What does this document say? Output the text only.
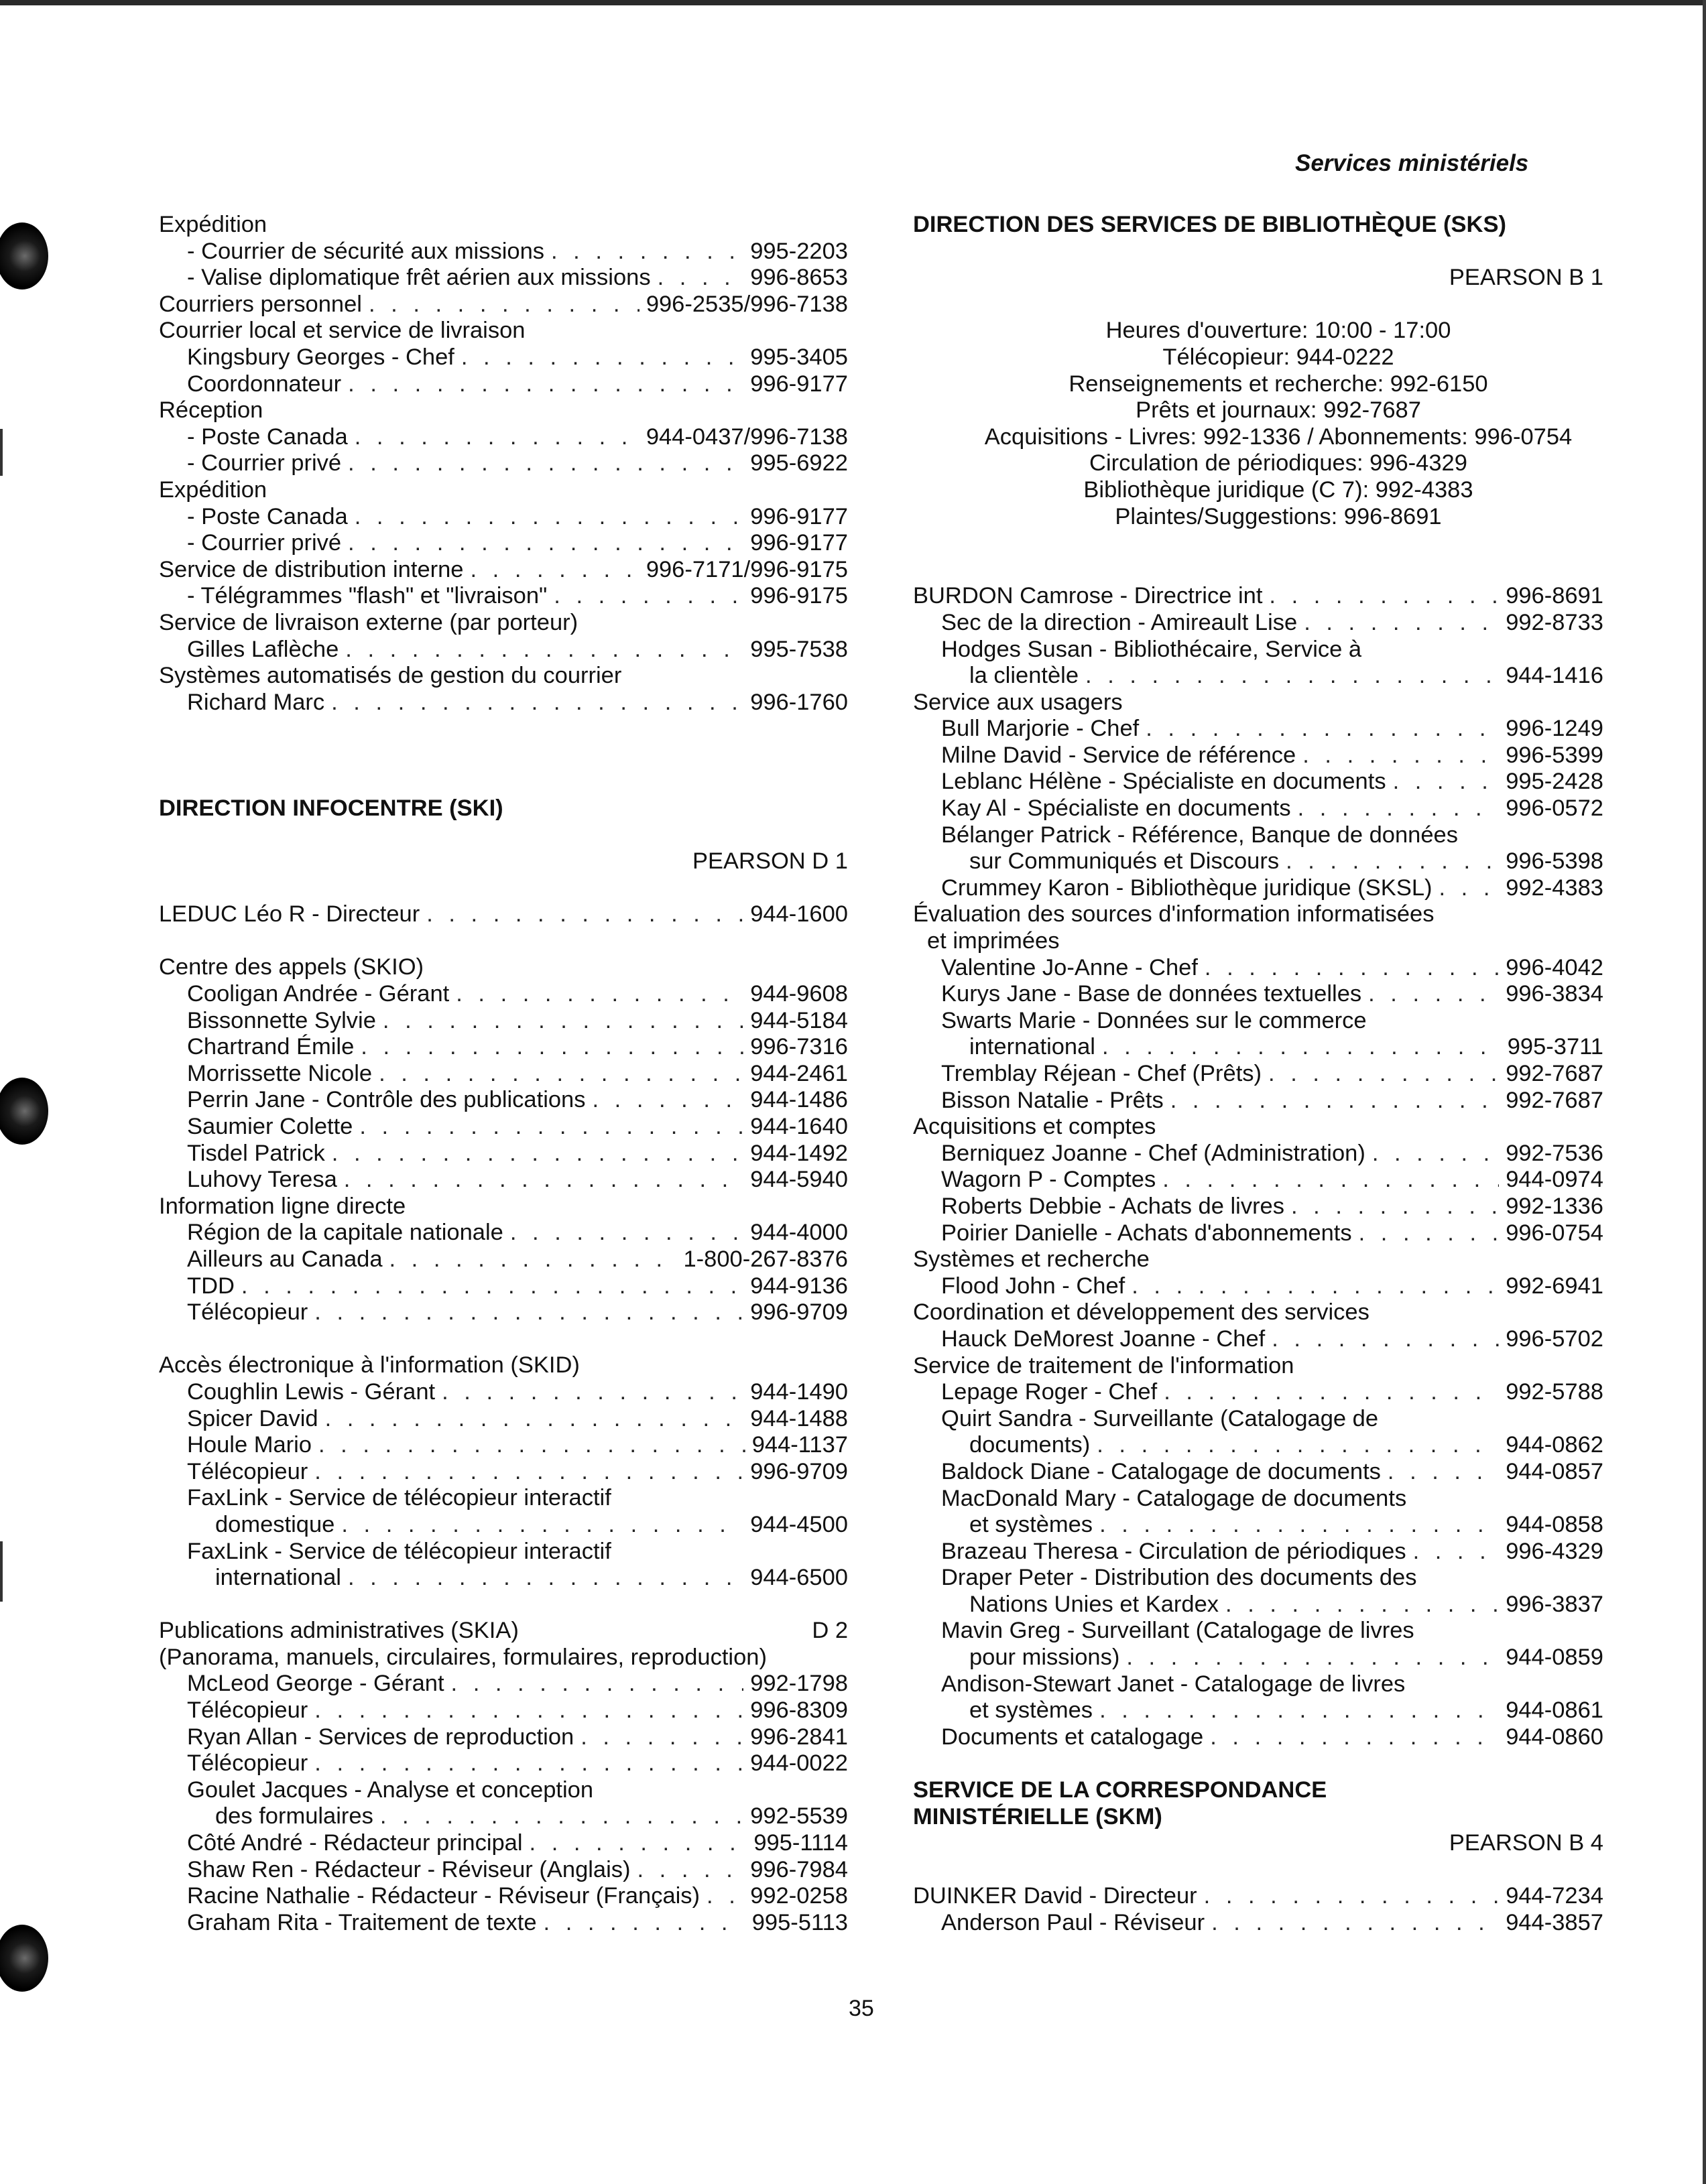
Services ministériels
Expédition
- Courrier de sécurité aux missions . . .	995-2203
- Valise diplomatique frêt aérien aux missions . . .	996-8653
Courriers personnel . . .	996-2535/996-7138
Courrier local et service de livraison
Kingsbury Georges - Chef . . .	995-3405
Coordonnateur . . .	996-9177
Réception
- Poste Canada . . .	944-0437/996-7138
- Courrier privé . . .	995-6922
Expédition
- Poste Canada . . .	996-9177
- Courrier privé . . .	996-9177
Service de distribution interne . . .	996-7171/996-9175
- Télégrammes "flash" et "livraison" . . .	996-9175
Service de livraison externe (par porteur)
Gilles Laflèche . . .	995-7538
Systèmes automatisés de gestion du courrier
Richard Marc . . .	996-1760
DIRECTION INFOCENTRE (SKI)
PEARSON D 1
LEDUC Léo R - Directeur . . .	944-1600
Centre des appels (SKIO)
Cooligan Andrée - Gérant . . .	944-9608
Bissonnette Sylvie . . .	944-5184
Chartrand Émile . . .	996-7316
Morrissette Nicole . . .	944-2461
Perrin Jane - Contrôle des publications . . .	944-1486
Saumier Colette . . .	944-1640
Tisdel Patrick . . .	944-1492
Luhovy Teresa . . .	944-5940
Information ligne directe
Région de la capitale nationale . . .	944-4000
Ailleurs au Canada . . .	1-800-267-8376
TDD . . .	944-9136
Télécopieur . . .	996-9709
Accès électronique à l'information (SKID)
Coughlin Lewis - Gérant . . .	944-1490
Spicer David . . .	944-1488
Houle Mario . . .	944-1137
Télécopieur . . .	996-9709
FaxLink - Service de télécopieur interactif
domestique . . .	944-4500
FaxLink - Service de télécopieur interactif
international . . .	944-6500
Publications administratives (SKIA)	D 2
(Panorama, manuels, circulaires, formulaires, reproduction)
McLeod George - Gérant . . .	992-1798
Télécopieur . . .	996-8309
Ryan Allan - Services de reproduction . . .	996-2841
Télécopieur . . .	944-0022
Goulet Jacques - Analyse et conception
des formulaires . . .	992-5539
Côté André - Rédacteur principal . . .	995-1114
Shaw Ren - Rédacteur - Réviseur (Anglais) . . .	996-7984
Racine Nathalie - Rédacteur - Réviseur (Français) . . . 992-0258
Graham Rita - Traitement de texte . . .	995-5113
DIRECTION DES SERVICES DE BIBLIOTHÈQUE (SKS)
PEARSON B 1
Heures d'ouverture: 10:00 - 17:00
Télécopieur: 944-0222
Renseignements et recherche: 992-6150
Prêts et journaux: 992-7687
Acquisitions - Livres: 992-1336 / Abonnements: 996-0754
Circulation de périodiques: 996-4329
Bibliothèque juridique (C 7): 992-4383
Plaintes/Suggestions: 996-8691
BURDON Camrose - Directrice int . . .	996-8691
Sec de la direction - Amireault Lise . . .	992-8733
Hodges Susan - Bibliothécaire, Service à
la clientèle . . .	944-1416
Service aux usagers
Bull Marjorie - Chef . . .	996-1249
Milne David - Service de référence . . .	996-5399
Leblanc Hélène - Spécialiste en documents . . .	995-2428
Kay Al - Spécialiste en documents . . .	996-0572
Bélanger Patrick - Référence, Banque de données
sur Communiqués et Discours . . .	996-5398
Crummey Karon - Bibliothèque juridique (SKSL) . . .	992-4383
Évaluation des sources d'information informatisées
et imprimées
Valentine Jo-Anne - Chef . . .	996-4042
Kurys Jane - Base de données textuelles . . .	996-3834
Swarts Marie - Données sur le commerce
international . . .	995-3711
Tremblay Réjean - Chef (Prêts) . . .	992-7687
Bisson Natalie - Prêts . . .	992-7687
Acquisitions et comptes
Berniquez Joanne - Chef (Administration) . . .	992-7536
Wagorn P - Comptes . . .	944-0974
Roberts Debbie - Achats de livres . . .	992-1336
Poirier Danielle - Achats d'abonnements . . .	996-0754
Systèmes et recherche
Flood John - Chef . . .	992-6941
Coordination et développement des services
Hauck DeMorest Joanne - Chef . . .	996-5702
Service de traitement de l'information
Lepage Roger - Chef . . .	992-5788
Quirt Sandra - Surveillante (Catalogage de
documents) . . .	944-0862
Baldock Diane - Catalogage de documents . . .	944-0857
MacDonald Mary - Catalogage de documents
et systèmes . . .	944-0858
Brazeau Theresa - Circulation de périodiques . . .	996-4329
Draper Peter - Distribution des documents des
Nations Unies et Kardex . . .	996-3837
Mavin Greg - Surveillant (Catalogage de livres
pour missions) . . .	944-0859
Andison-Stewart Janet - Catalogage de livres
et systèmes . . .	944-0861
Documents et catalogage . . .	944-0860
SERVICE DE LA CORRESPONDANCE
MINISTÉRIELLE (SKM)
PEARSON B 4
DUINKER David - Directeur . . .	944-7234
Anderson Paul - Réviseur . . .	944-3857
35
